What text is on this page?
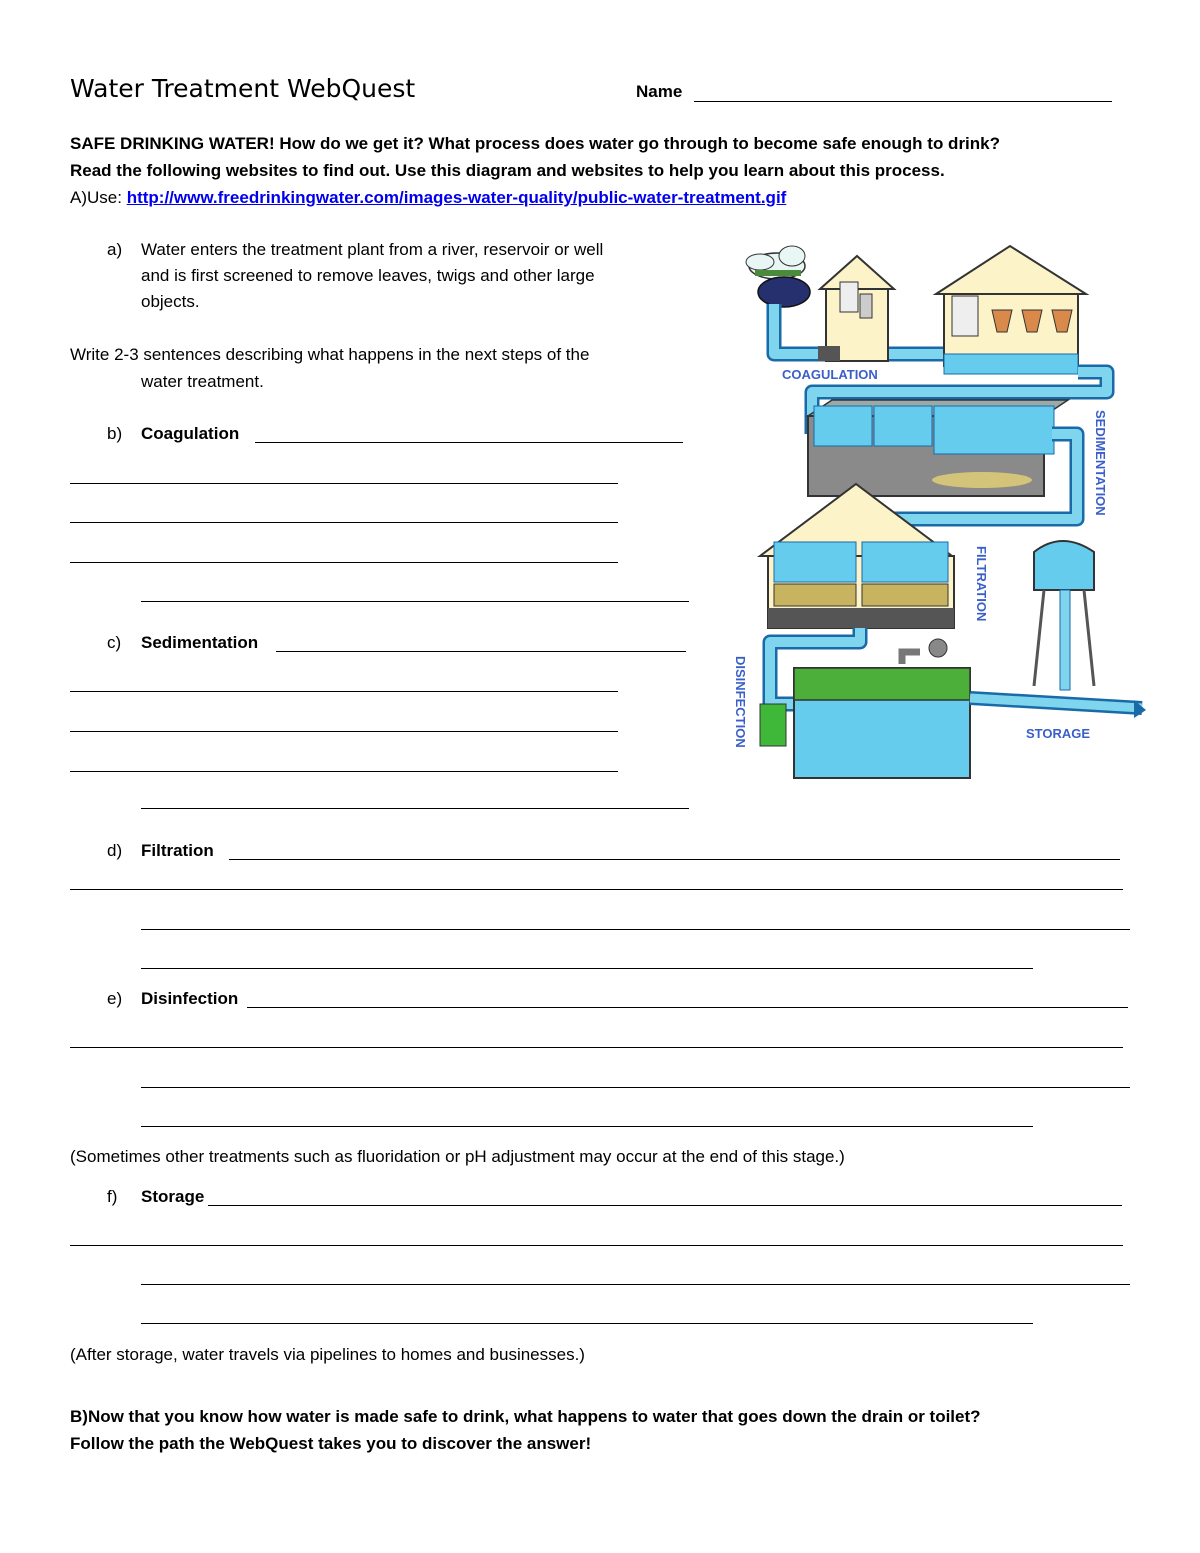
Water Treatment WebQuest	Name
SAFE DRINKING WATER! How do we get it? What process does water go through to become safe enough to drink?
Read the following websites to find out. Use this diagram and websites to help you learn about this process.
A)Use: http://www.freedrinkingwater.com/images-water-quality/public-water-treatment.gif
a) Water enters the treatment plant from a river, reservoir or well
and is first screened to remove leaves, twigs and other large
objects.
Write 2-3 sentences describing what happens in the next steps of the
water treatment.
b) Coagulation
c) Sedimentation
d) Filtration
e) Disinfection
(Sometimes other treatments such as fluoridation or pH adjustment may occur at the end of this stage.)
f) Storage
(After storage, water travels via pipelines to homes and businesses.)
B)Now that you know how water is made safe to drink, what happens to water that goes down the drain or toilet?
Follow the path the WebQuest takes you to discover the answer!
COAGULATION
SEDIMENTATION
FILTRATION
DISINFECTION	STORAGE
